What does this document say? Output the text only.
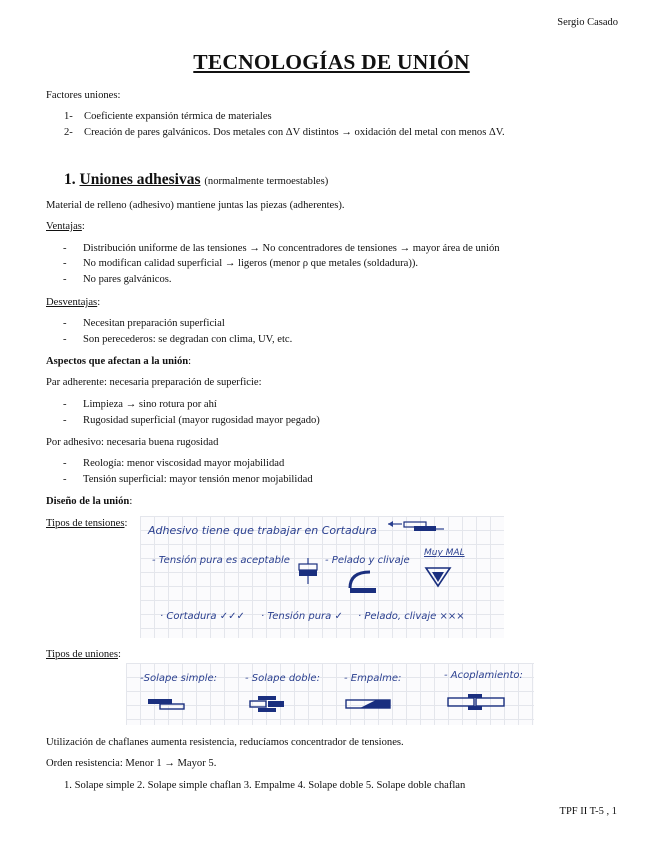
Sergio Casado
TECNOLOGÍAS DE UNIÓN
Factores uniones:
1- Coeficiente expansión térmica de materiales
2- Creación de pares galvánicos. Dos metales con ΔV distintos → oxidación del metal con menos ΔV.
1. Uniones adhesivas (normalmente termoestables)
Material de relleno (adhesivo) mantiene juntas las piezas (adherentes).
Ventajas:
- Distribución uniforme de las tensiones → No concentradores de tensiones → mayor área de unión
- No modifican calidad superficial → ligeros (menor ρ que metales (soldadura)).
- No pares galvánicos.
Desventajas:
- Necesitan preparación superficial
- Son perecederos: se degradan con clima, UV, etc.
Aspectos que afectan a la unión:
Par adherente: necesaria preparación de superficie:
- Limpieza → sino rotura por ahí
- Rugosidad superficial (mayor rugosidad mayor pegado)
Por adhesivo: necesaria buena rugosidad
- Reología: menor viscosidad mayor mojabilidad
- Tensión superficial: mayor tensión menor mojabilidad
Diseño de la unión:
Tipos de tensiones:
Adhesivo tiene que trabajar en Cortadura
- Tensión pura es aceptable	- Pelado y clivaje
Muy MAL
· Cortadura ✓✓✓ · Tensión pura ✓ · Pelado, clivaje ×××
Tipos de uniones:
-Solape simple:	- Solape doble: - Empalme:	- Acoplamiento:
Utilización de chaflanes aumenta resistencia, reducíamos concentrador de tensiones.
Orden resistencia: Menor 1 → Mayor 5.
1. Solape simple 2. Solape simple chaflan 3. Empalme 4. Solape doble 5. Solape doble chaflan
TPF II T-5 , 1
